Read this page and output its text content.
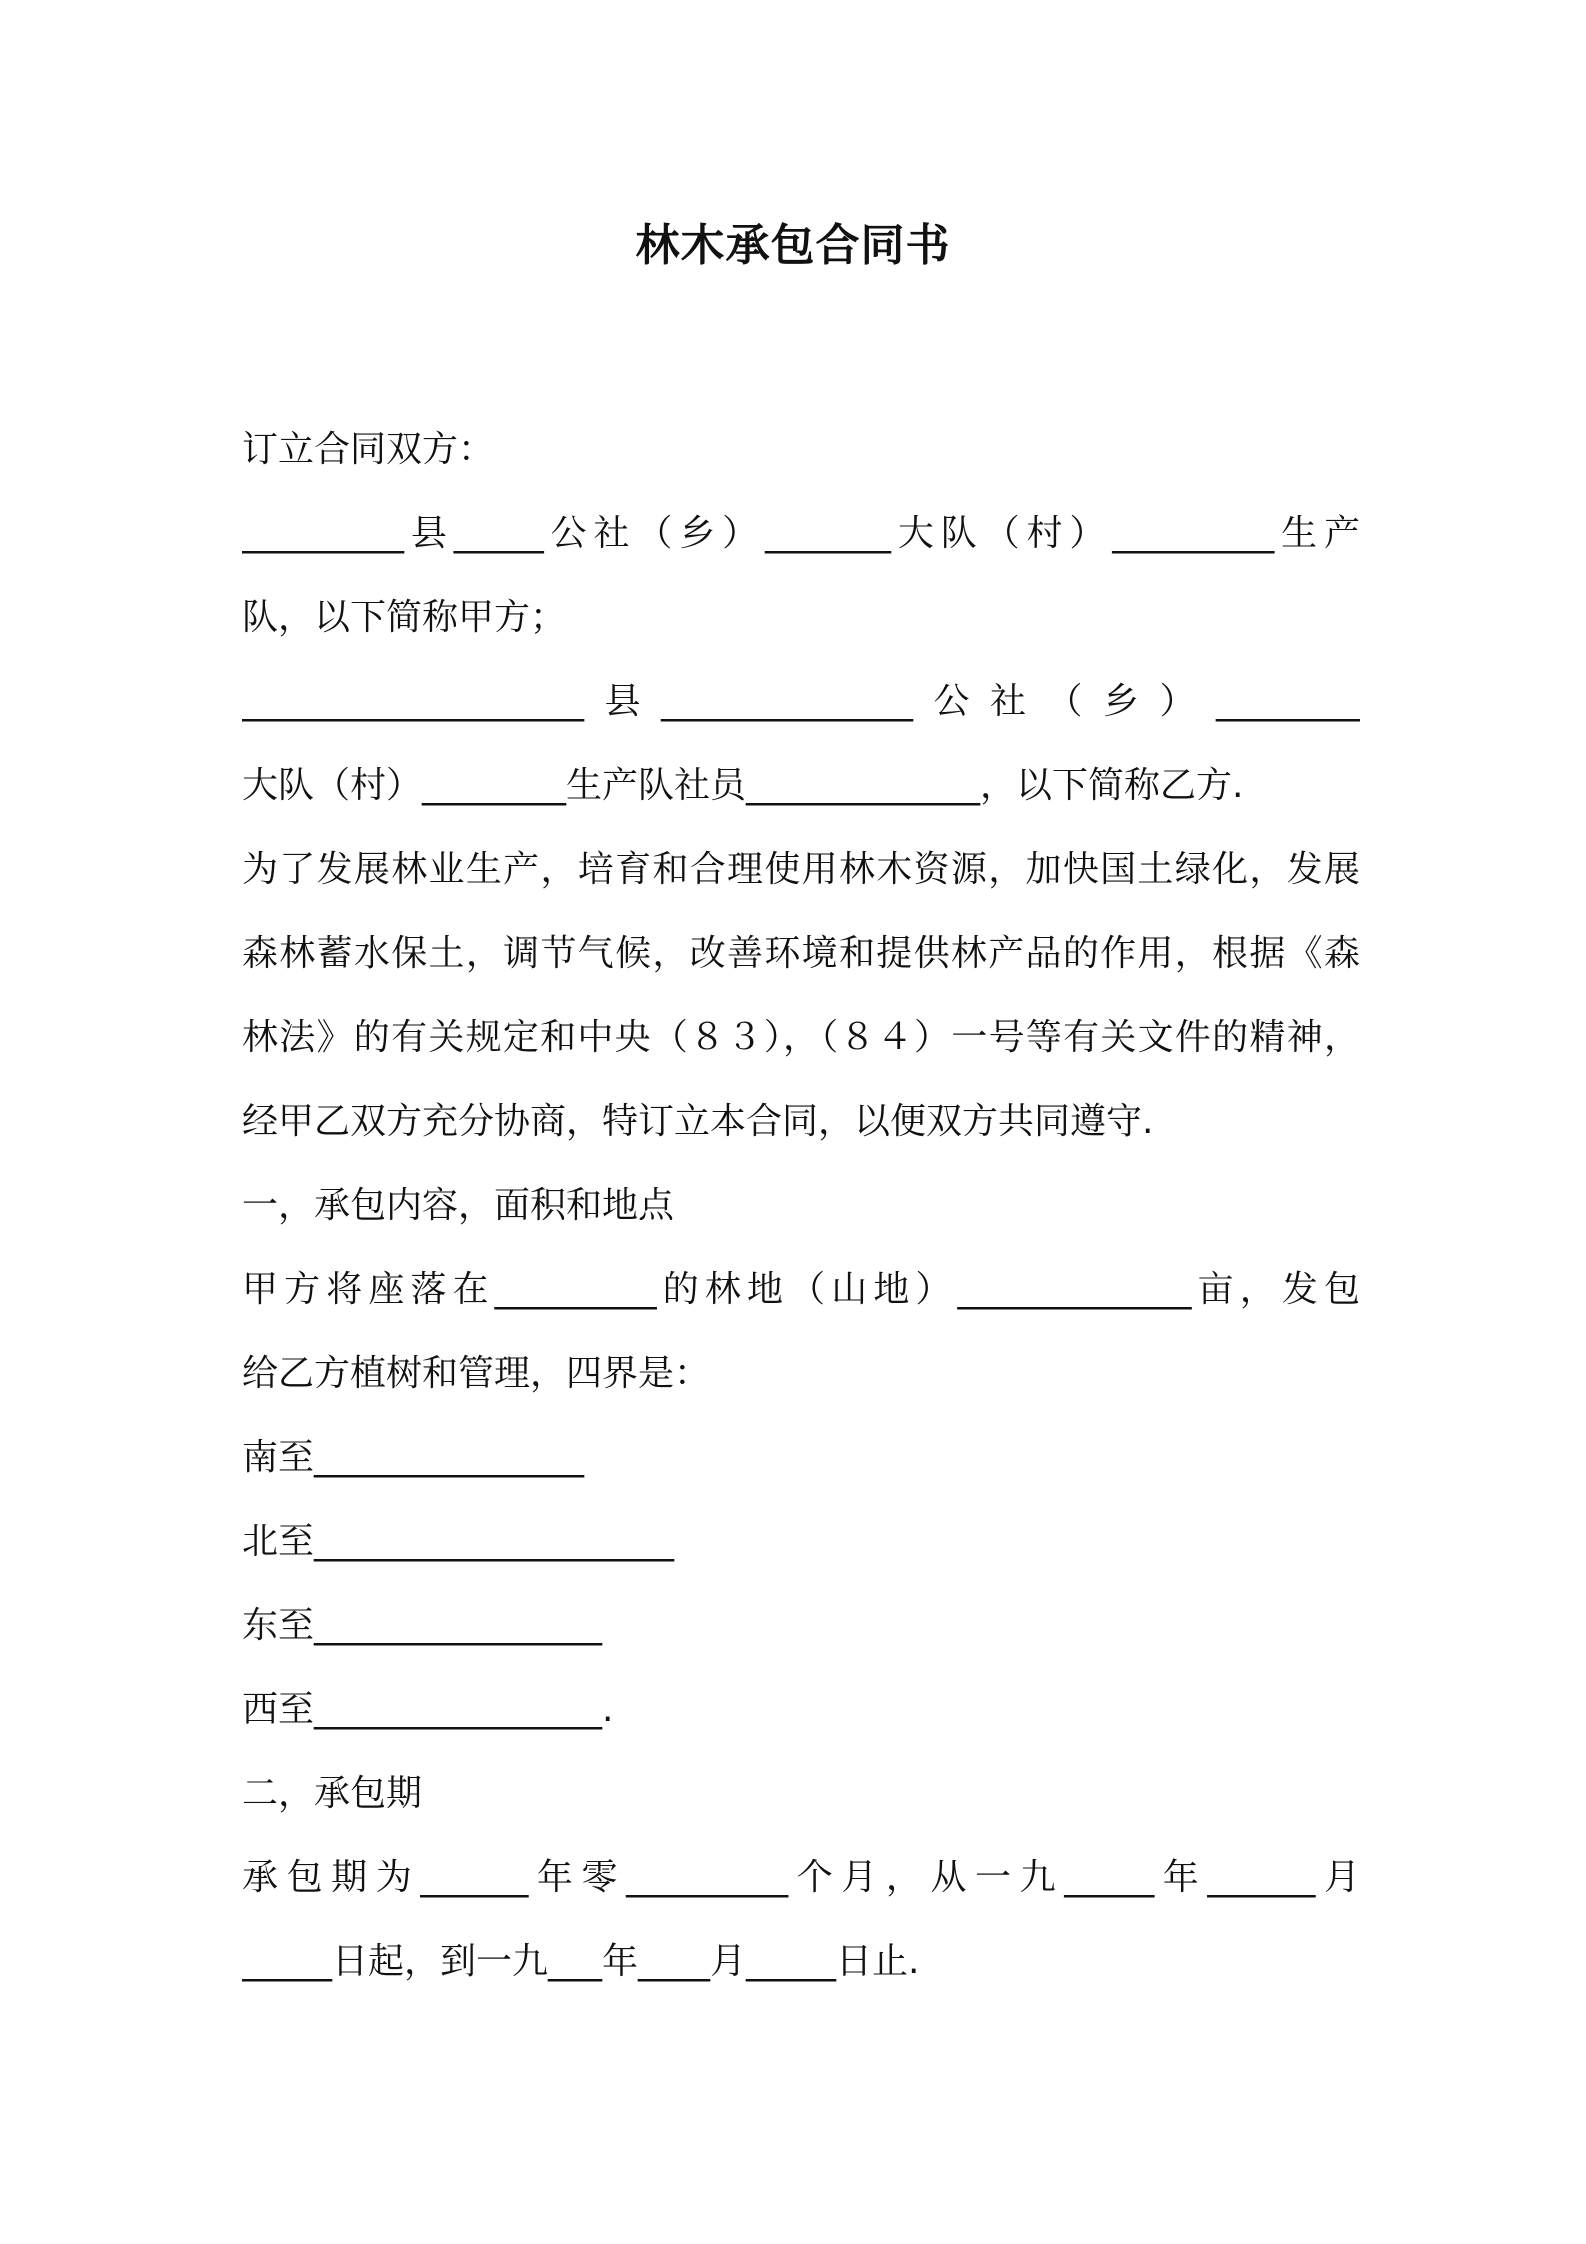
林木承包合同书
订立合同双方：
_________县_____公社（乡）_______大队（村）_________生产
队，以下简称甲方；
___________________县______________公社（乡）________
大队（村）________生产队社员_____________，以下简称乙方.
为了发展林业生产，培育和合理使用林木资源，加快国土绿化，发展
森林蓄水保土，调节气候，改善环境和提供林产品的作用，根据《森
林法》的有关规定和中央（８３），（８４）一号等有关文件的精神，
经甲乙双方充分协商，特订立本合同，以便双方共同遵守.
一，承包内容，面积和地点
甲方将座落在_________的林地（山地）_____________亩，发包
给乙方植树和管理，四界是：
南至_______________
北至____________________
东至________________
西至________________.
二，承包期
承包期为______年零_________个月，从一九_____年______月
_____日起，到一九___年____月_____日止.
